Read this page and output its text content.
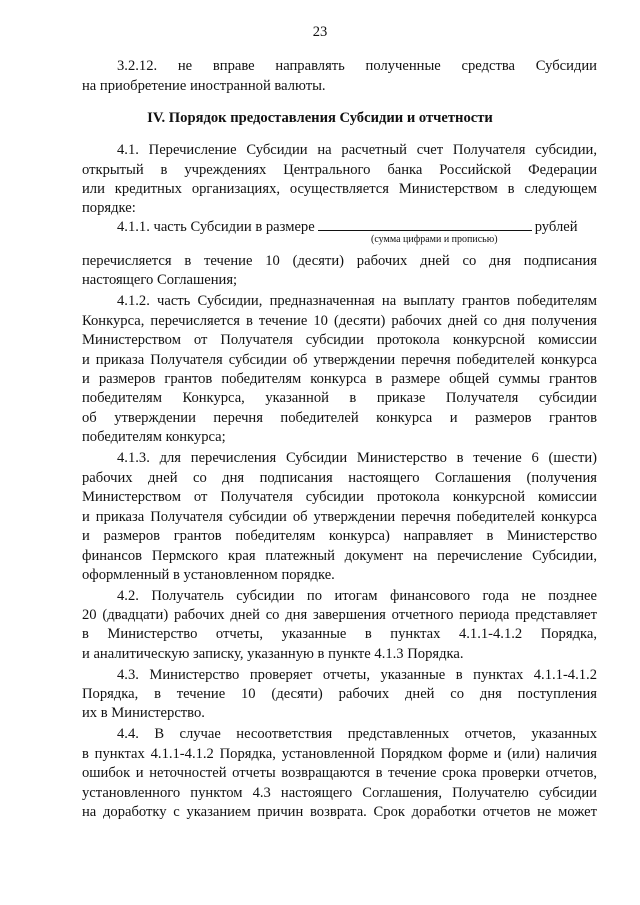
23
3.2.12. не вправе направлять полученные средства Субсидии
на приобретение иностранной валюты.
IV. Порядок предоставления Субсидии и отчетности
4.1. Перечисление Субсидии на расчетный счет Получателя субсидии,
открытый в учреждениях Центрального банка Российской Федерации
или кредитных организациях, осуществляется Министерством в следующем
порядке:
4.1.1. часть Субсидии в размере	рублей
(сумма цифрами и прописью)
перечисляется в течение 10 (десяти) рабочих дней со дня подписания
настоящего Соглашения;
4.1.2. часть Субсидии, предназначенная на выплату грантов победителям
Конкурса, перечисляется в течение 10 (десяти) рабочих дней со дня получения
Министерством от Получателя субсидии протокола конкурсной комиссии
и приказа Получателя субсидии об утверждении перечня победителей конкурса
и размеров грантов победителям конкурса в размере общей суммы грантов
победителям Конкурса, указанной в приказе Получателя субсидии
об утверждении перечня победителей конкурса и размеров грантов
победителям конкурса;
4.1.3. для перечисления Субсидии Министерство в течение 6 (шести)
рабочих дней со дня подписания настоящего Соглашения (получения
Министерством от Получателя субсидии протокола конкурсной комиссии
и приказа Получателя субсидии об утверждении перечня победителей конкурса
и размеров грантов победителям конкурса) направляет в Министерство
финансов Пермского края платежный документ на перечисление Субсидии,
оформленный в установленном порядке.
4.2. Получатель субсидии по итогам финансового года не позднее
20 (двадцати) рабочих дней со дня завершения отчетного периода представляет
в Министерство отчеты, указанные в пунктах 4.1.1-4.1.2 Порядка,
и аналитическую записку, указанную в пункте 4.1.3 Порядка.
4.3. Министерство проверяет отчеты, указанные в пунктах 4.1.1-4.1.2
Порядка, в течение 10 (десяти) рабочих дней со дня поступления
их в Министерство.
4.4. В случае несоответствия представленных отчетов, указанных
в пунктах 4.1.1-4.1.2 Порядка, установленной Порядком форме и (или) наличия
ошибок и неточностей отчеты возвращаются в течение срока проверки отчетов,
установленного пунктом 4.3 настоящего Соглашения, Получателю субсидии
на доработку с указанием причин возврата. Срок доработки отчетов не может
